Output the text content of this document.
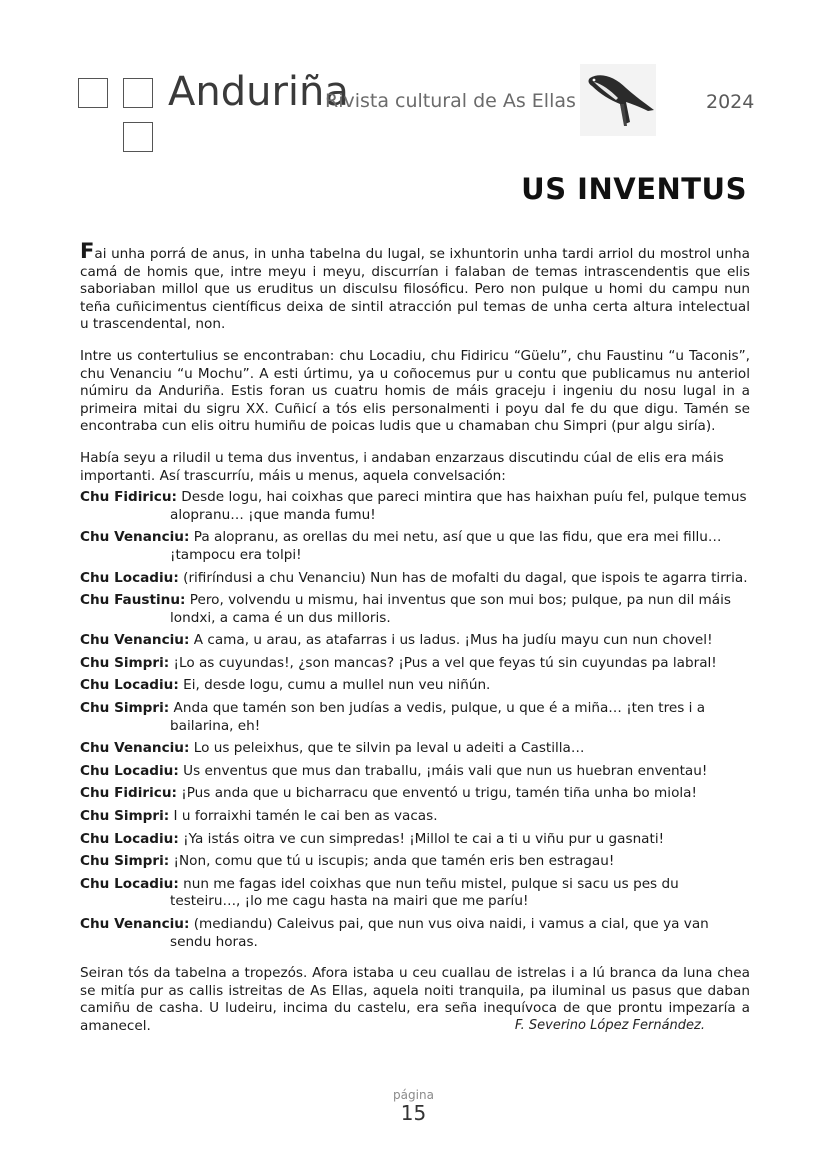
Anduriña
Rivista cultural de As Ellas	2024
US INVENTUS

Fai unha porrá de anus, in unha tabelna du lugal, se ixhuntorin unha tardi arriol du mostrol unha camá de homis que, intre meyu i meyu, discurrían i falaban de temas intrascendentis que elis saboriaban millol que us eruditus un disculsu filosóficu. Pero non pulque u homi du campu nun teña cuñicimentus científicus deixa de sintil atracción pul temas de unha certa altura intelectual u trascendental, non.

Intre us contertulius se encontraban: chu Locadiu, chu Fidiricu “Güelu”, chu Faustinu “u Taconis”, chu Venanciu “u Mochu”. A esti úrtimu, ya u coñocemus pur u contu que publicamus nu anteriol númiru da Anduriña. Estis foran us cuatru homis de máis graceju i ingeniu du nosu lugal in a primeira mitai du sigru XX. Cuñicí a tós elis personalmenti i poyu dal fe du que digu. Tamén se encontraba cun elis oitru humiñu de poicas ludis que u chamaban chu Simpri (pur algu siría).

Había seyu a riludil u tema dus inventus, i andaban enzarzaus discutindu cúal de elis era máis importanti. Así trascurríu, máis u menus, aquela convelsación:

Chu Fidiricu: Desde logu, hai coixhas que pareci mintira que has haixhan puíu fel, pulque temus alopranu… ¡que manda fumu!
Chu Venanciu: Pa alopranu, as orellas du mei netu, así que u que las fidu, que era mei fillu… ¡tampocu era tolpi!
Chu Locadiu: (rifiríndusi a chu Venanciu) Nun has de mofalti du dagal, que ispois te agarra tirria.
Chu Faustinu: Pero, volvendu u mismu, hai inventus que son mui bos; pulque, pa nun dil máis londxi, a cama é un dus milloris.
Chu Venanciu: A cama, u arau, as atafarras i us ladus. ¡Mus ha judíu mayu cun nun chovel!
Chu Simpri: ¡Lo as cuyundas!, ¿son mancas? ¡Pus a vel que feyas tú sin cuyundas pa labral!
Chu Locadiu: Ei, desde logu, cumu a mullel nun veu niñún.
Chu Simpri: Anda que tamén son ben judías a vedis, pulque, u que é a miña… ¡ten tres i a bailarina, eh!
Chu Venanciu: Lo us peleixhus, que te silvin pa leval u adeiti a Castilla…
Chu Locadiu: Us enventus que mus dan traballu, ¡máis vali que nun us huebran enventau!
Chu Fidiricu: ¡Pus anda que u bicharracu que enventó u trigu, tamén tiña unha bo miola!
Chu Simpri: I u forraixhi tamén le cai ben as vacas.
Chu Locadiu: ¡Ya istás oitra ve cun simpredas! ¡Millol te cai a ti u viñu pur u gasnati!
Chu Simpri: ¡Non, comu que tú u iscupis; anda que tamén eris ben estragau!
Chu Locadiu: nun me fagas idel coixhas que nun teñu mistel, pulque si sacu us pes du testeiru…, ¡lo me cagu hasta na mairi que me paríu!
Chu Venanciu: (mediandu) Caleivus pai, que nun vus oiva naidi, i vamus a cial, que ya van sendu horas.

Seiran tós da tabelna a tropezós. Afora istaba u ceu cuallau de istrelas i a lú branca da luna chea se mitía pur as callis istreitas de As Ellas, aquela noiti tranquila, pa iluminal us pasus que daban camiñu de casha. U ludeiru, incima du castelu, era seña inequívoca de que prontu impezaría a amanecel.	F. Severino López Fernández.
página
15
